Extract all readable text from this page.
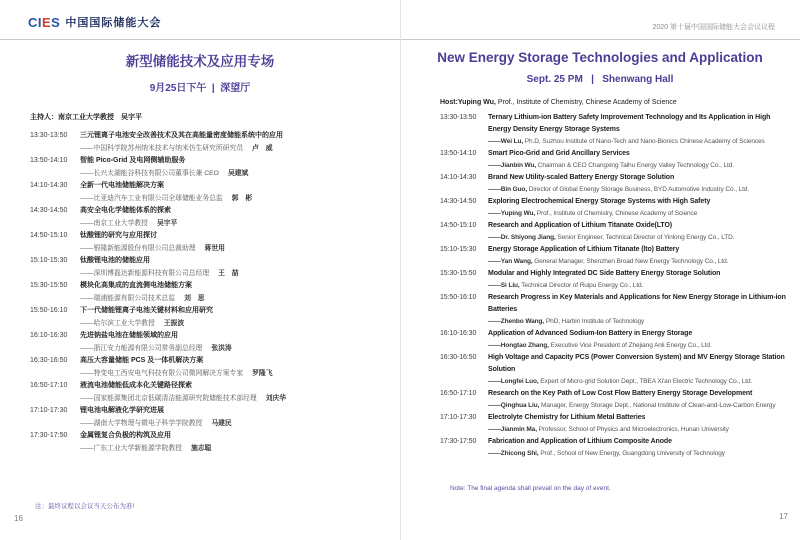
CIES 中国国际储能大会	2020 第十届中国国际储能大会会议议程
新型储能技术及应用专场
9月25日下午  |  深望厅
主持人：南京工业大学教授　吴宇平
13:30-13:50	三元锂离子电池安全改善技术及其在高能量密度储能系统中的应用
——中国科学院苏州纳米技术与纳米仿生研究所研究员 卢　威
13:50-14:10	智能 Pico-Grid 及电网侧辅助服务
——长兴太湖能谷科技有限公司董事长兼 CEO 吴建斌
14:10-14:30	全新一代电池储能解决方案
——比亚迪汽车工业有限公司全球储能业务总监 郭　彬
14:30-14:50	高安全电化学储能体系的探索
——南京工业大学教授 吴宇平
14:50-15:10	钛酸锂的研究与应用探讨
——银隆新能源股份有限公司总裁助理 蒋世用
15:10-15:30	钛酸锂电池的储能应用
——深圳博磊达新能源科技有限公司总经理 王　喆
15:30-15:50	模块化高集成的直流侧电池储能方案
——瑞浦能源有限公司技术总监 刘　思
15:50-16:10	下一代储能锂离子电池关键材料和应用研究
——哈尔滨工业大学教授 王振波
16:10-16:30	先进钠盐电池在储能领域的应用
——浙江安力能源有限公司常务副总经理 张洪涛
16:30-16:50	高压大容量储能 PCS 及一体机解决方案
——特变电工西安电气科技有限公司微网解决方案专家 罗隆飞
16:50-17:10	液流电池储能低成本化关键路径探索
——国家能源集团北京低碳清洁能源研究院储能技术部经理 刘庆华
17:10-17:30	锂电池电解液化学研究进展
——湖南大学物理与微电子科学学院教授 马建民
17:30-17:50	金属锂复合负极的构筑及应用
——广东工业大学新能源学院教授 施志聪
注：最终议程以会议当天公布为准!
16
New Energy Storage Technologies and Application
Sept. 25 PM   |   Shenwang Hall
Host:Yuping Wu, Prof., Institute of Chemistry, Chinese Academy of Science
13:30-13:50	Ternary Lithium-ion Battery Safety Improvement Technology and Its Application in High Energy Density Energy Storage Systems
——Wei Lu, Ph.D, Suzhou Institute of Nano-Tech and Nano-Bionics Chinese Academy of Sciences
13:50-14:10	Smart Pico-Grid and Grid Ancillary Services
——Jianbin Wu, Chairman & CEO Changxing Taihu Energy Valley Technology Co., Ltd.
14:10-14:30	Brand New Utility-scaled Battery Energy Storage Solution
——Bin Guo, Director of Global Energy Storage Business, BYD Automotive Industry Co., Ltd.
14:30-14:50	Exploring Electrochemical Energy Storage Systems with High Safety
——Yuping Wu, Prof., Institute of Chemistry, Chinese Academy of Science
14:50-15:10	Research and Application of Lithium Titanate Oxide(LTO)
——Dr. Shiyong Jiang, Senior Engineer, Technical Director of Yinlong Energy Co., LTD.
15:10-15:30	Energy Storage Application of Lithium Titanate (lto) Battery
——Yan Wang, General Manager, Shenzhen Broad New Energy Technology Co., Ltd.
15:30-15:50	Modular and Highly Integrated DC Side Battery Energy Storage Solution
——Si Liu, Technical Director of Ruipu Energy Co., Ltd.
15:50-16:10	Research Progress in Key Materials and Applications for New Energy Storage in Lithium-ion Batteries
——Zhenbo Wang, PhD, Harbin Institute of Technology
16:10-16:30	Application of Advanced Sodium-Ion Battery in Energy Storage
——Hongtao Zhang, Executive Vice President of Zhejiang Anli Energy Co., Ltd.
16:30-16:50	High Voltage and Capacity PCS (Power Conversion System) and MV Energy Storage Station Solution
——Longfei Luo, Expert of Micro-grid Solution Dept., TBEA Xi'an Electric Technology Co., Ltd.
16:50-17:10	Research on the Key Path of Low Cost Flow Battery Energy Storage Development
——Qinghua Liu, Manager, Energy Storage Dept., National Institute of Clean-and-Low-Carbon Energy
17:10-17:30	Electrolyte Chemistry for Lithium Metal Batteries
——Jianmin Ma, Professor, School of Physics and Microelectronics, Hunan University
17:30-17:50	Fabrication and Application of Lithium Composite Anode
——Zhicong Shi, Prof., School of New Energy, Guangdong University of Technology
Note: The final agenda shall prevail on the day of event.
17
